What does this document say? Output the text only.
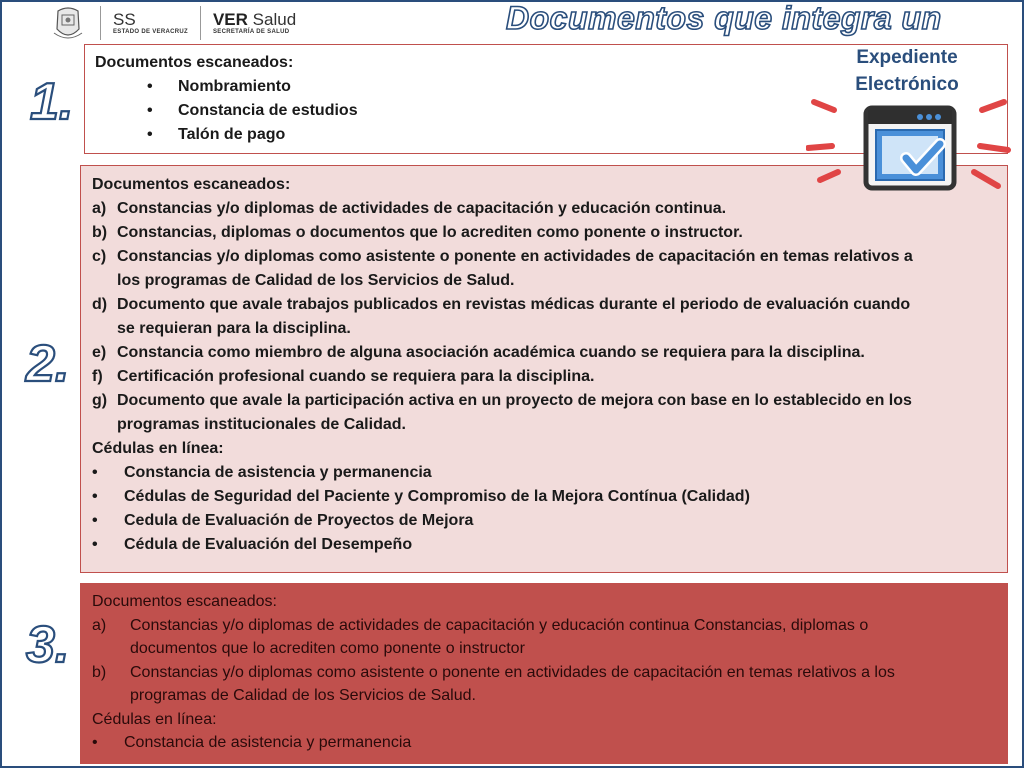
SS
ESTADO DE VERACRUZ
VER Salud
SECRETARÍA DE SALUD	Documentos que integra un
Expediente
Electrónico
1.
2.
3.
Documentos escaneados:
• Nombramiento
• Constancia de estudios
• Talón de pago
Documentos escaneados:
a) Constancias y/o diplomas de actividades de capacitación y educación continua.
b) Constancias, diplomas o documentos que lo acrediten como ponente o instructor.
c) Constancias y/o diplomas como asistente o ponente en actividades de capacitación en temas relativos a
los programas de Calidad de los Servicios de Salud.
d) Documento que avale trabajos publicados en revistas médicas durante el periodo de evaluación cuando
se requieran para la disciplina.
e) Constancia como miembro de alguna asociación académica cuando se requiera para la disciplina.
f) Certificación profesional cuando se requiera para la disciplina.
g) Documento que avale la participación activa en un proyecto de mejora con base en lo establecido en los
programas institucionales de Calidad.
Cédulas en línea:
• Constancia de asistencia y permanencia
• Cédulas de Seguridad del Paciente y Compromiso de la Mejora Contínua (Calidad)
• Cedula de Evaluación de Proyectos de Mejora
• Cédula de Evaluación del Desempeño
Documentos escaneados:
a) Constancias y/o diplomas de actividades de capacitación y educación continua Constancias, diplomas o
documentos que lo acrediten como ponente o instructor
b) Constancias y/o diplomas como asistente o ponente en actividades de capacitación en temas relativos a los
programas de Calidad de los Servicios de Salud.
Cédulas en línea:
• Constancia de asistencia y permanencia
